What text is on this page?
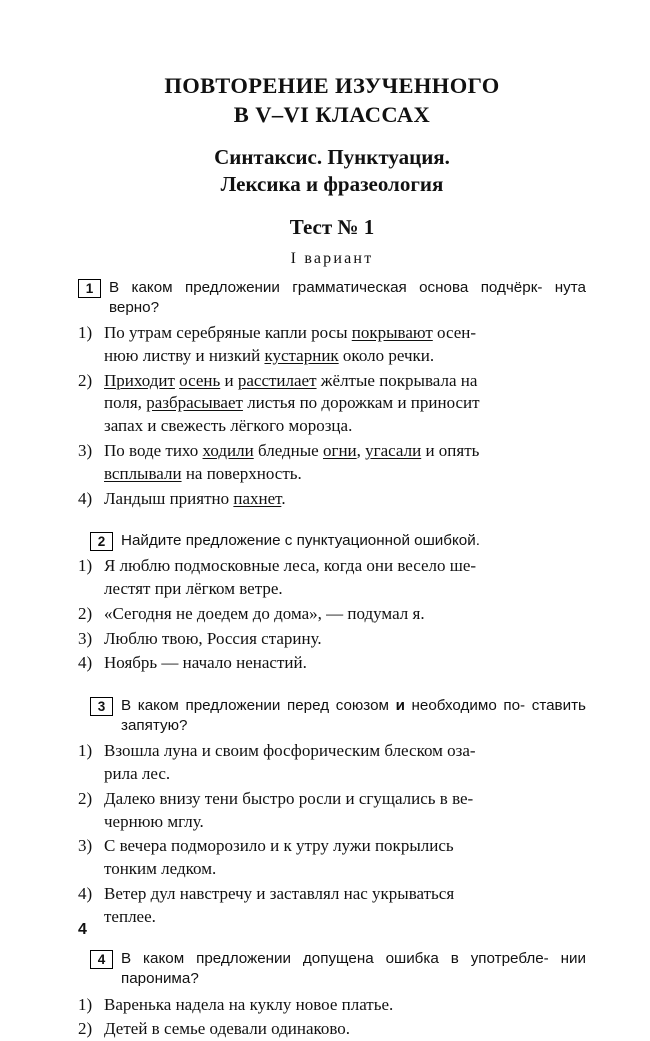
ПОВТОРЕНИЕ ИЗУЧЕННОГО
В V–VI КЛАССАХ
Синтаксис. Пунктуация.
Лексика и фразеология
Тест № 1
I вариант
1	В каком предложении грамматическая основа подчёрк- нута верно?
1) По утрам серебряные капли росы покрывают осен-
нюю листву и низкий кустарник около речки.
2) Приходит осень и расстилает жёлтые покрывала на
поля, разбрасывает листья по дорожкам и приносит
запах и свежесть лёгкого морозца.
3) По воде тихо ходили бледные огни, угасали и опять
всплывали на поверхность.
4) Ландыш приятно пахнет.
2	Найдите предложение с пунктуационной ошибкой.
1) Я люблю подмосковные леса, когда они весело ше-
лестят при лёгком ветре.
2) «Сегодня не доедем до дома», — подумал я.
3) Люблю твою, Россия старину.
4) Ноябрь — начало ненастий.
3	В каком предложении перед союзом и необходимо по- ставить запятую?
1) Взошла луна и своим фосфорическим блеском оза-
рила лес.
2) Далеко внизу тени быстро росли и сгущались в ве-
чернюю мглу.
3) С вечера подморозило и к утру лужи покрылись
тонким ледком.
4) Ветер дул навстречу и заставлял нас укрываться
теплее.
4	В каком предложении допущена ошибка в употребле- нии паронима?
1) Варенька надела на куклу новое платье.
2) Детей в семье одевали одинаково.
4
